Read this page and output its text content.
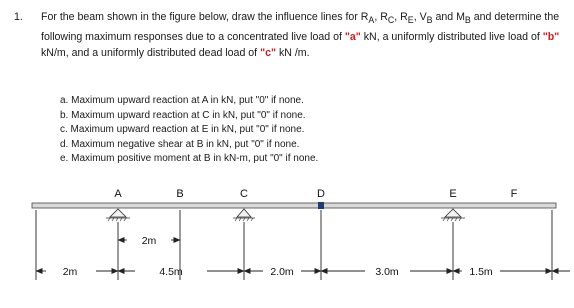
1. For the beam shown in the figure below, draw the influence lines for $R_A$, $R_C$, $R_E$, $V_B$ and $M_B$ and determine the following maximum responses due to a concentrated live load of "a" kN, a uniformly distributed live load of "b" kN/m, and a uniformly distributed dead load of "c" kN /m.
a. Maximum upward reaction at A in kN, put "0" if none.
b. Maximum upward reaction at C in kN, put "0" if none.
c. Maximum upward reaction at E in kN, put "0" if none.
d. Maximum negative shear at B in kN, put "0" if none.
e. Maximum positive moment at B in kN-m, put "0" if none.
A	B	C	D	E	F
2m
2m	4.5m	2.0m	3.0m	1.5m
